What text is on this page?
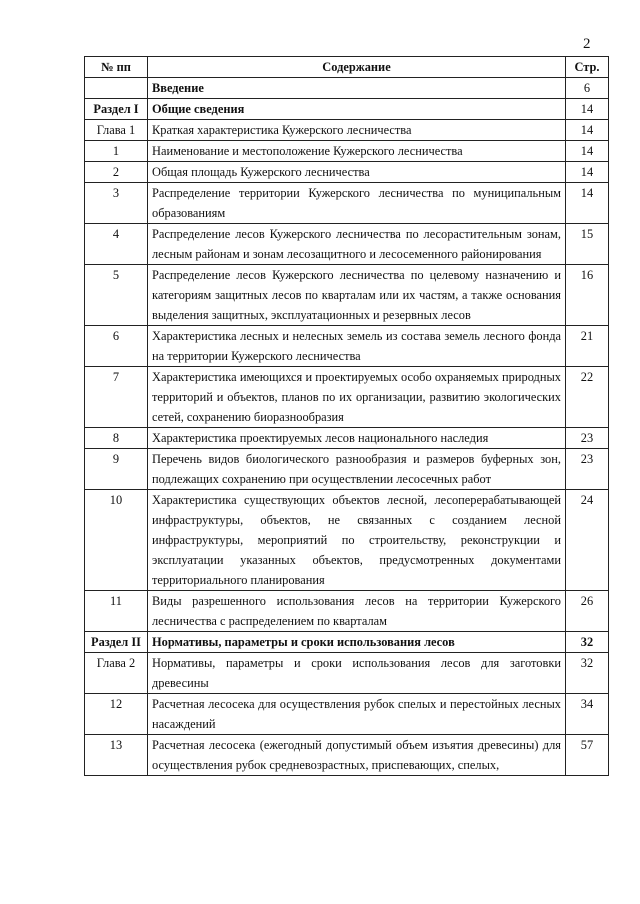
2
№ пп	Содержание	Стр.
	Введение	6
Раздел I	Общие сведения	14
Глава 1	Краткая характеристика Кужерского лесничества	14
1	Наименование и местоположение Кужерского лесничества	14
2	Общая площадь Кужерского лесничества	14
3	Распределение территории Кужерского лесничества по муниципальным образованиям	14
4	Распределение лесов Кужерского лесничества по лесорастительным зонам, лесным районам и зонам лесозащитного и лесосеменного районирования	15
5	Распределение лесов Кужерского лесничества по целевому назначению и категориям защитных лесов по кварталам или их частям, а также основания выделения защитных, эксплуатационных и резервных лесов	16
6	Характеристика лесных и нелесных земель из состава земель лесного фонда на территории Кужерского лесничества	21
7	Характеристика имеющихся и проектируемых особо охраняемых природных территорий и объектов, планов по их организации, развитию экологических сетей, сохранению биоразнообразия	22
8	Характеристика проектируемых лесов национального наследия	23
9	Перечень видов биологического разнообразия и размеров буферных зон, подлежащих сохранению при осуществлении лесосечных работ	23
10	Характеристика существующих объектов лесной, лесоперерабатывающей инфраструктуры, объектов, не связанных с созданием лесной инфраструктуры, мероприятий по строительству, реконструкции и эксплуатации указанных объектов, предусмотренных документами территориального планирования	24
11	Виды разрешенного использования лесов на территории Кужерского лесничества с распределением по кварталам	26
Раздел II	Нормативы, параметры и сроки использования лесов	32
Глава 2	Нормативы, параметры и сроки использования лесов для заготовки древесины	32
12	Расчетная лесосека для осуществления рубок спелых и перестойных лесных насаждений	34
13	Расчетная лесосека (ежегодный допустимый объем изъятия древесины) для осуществления рубок средневозрастных, приспевающих, спелых,	57
